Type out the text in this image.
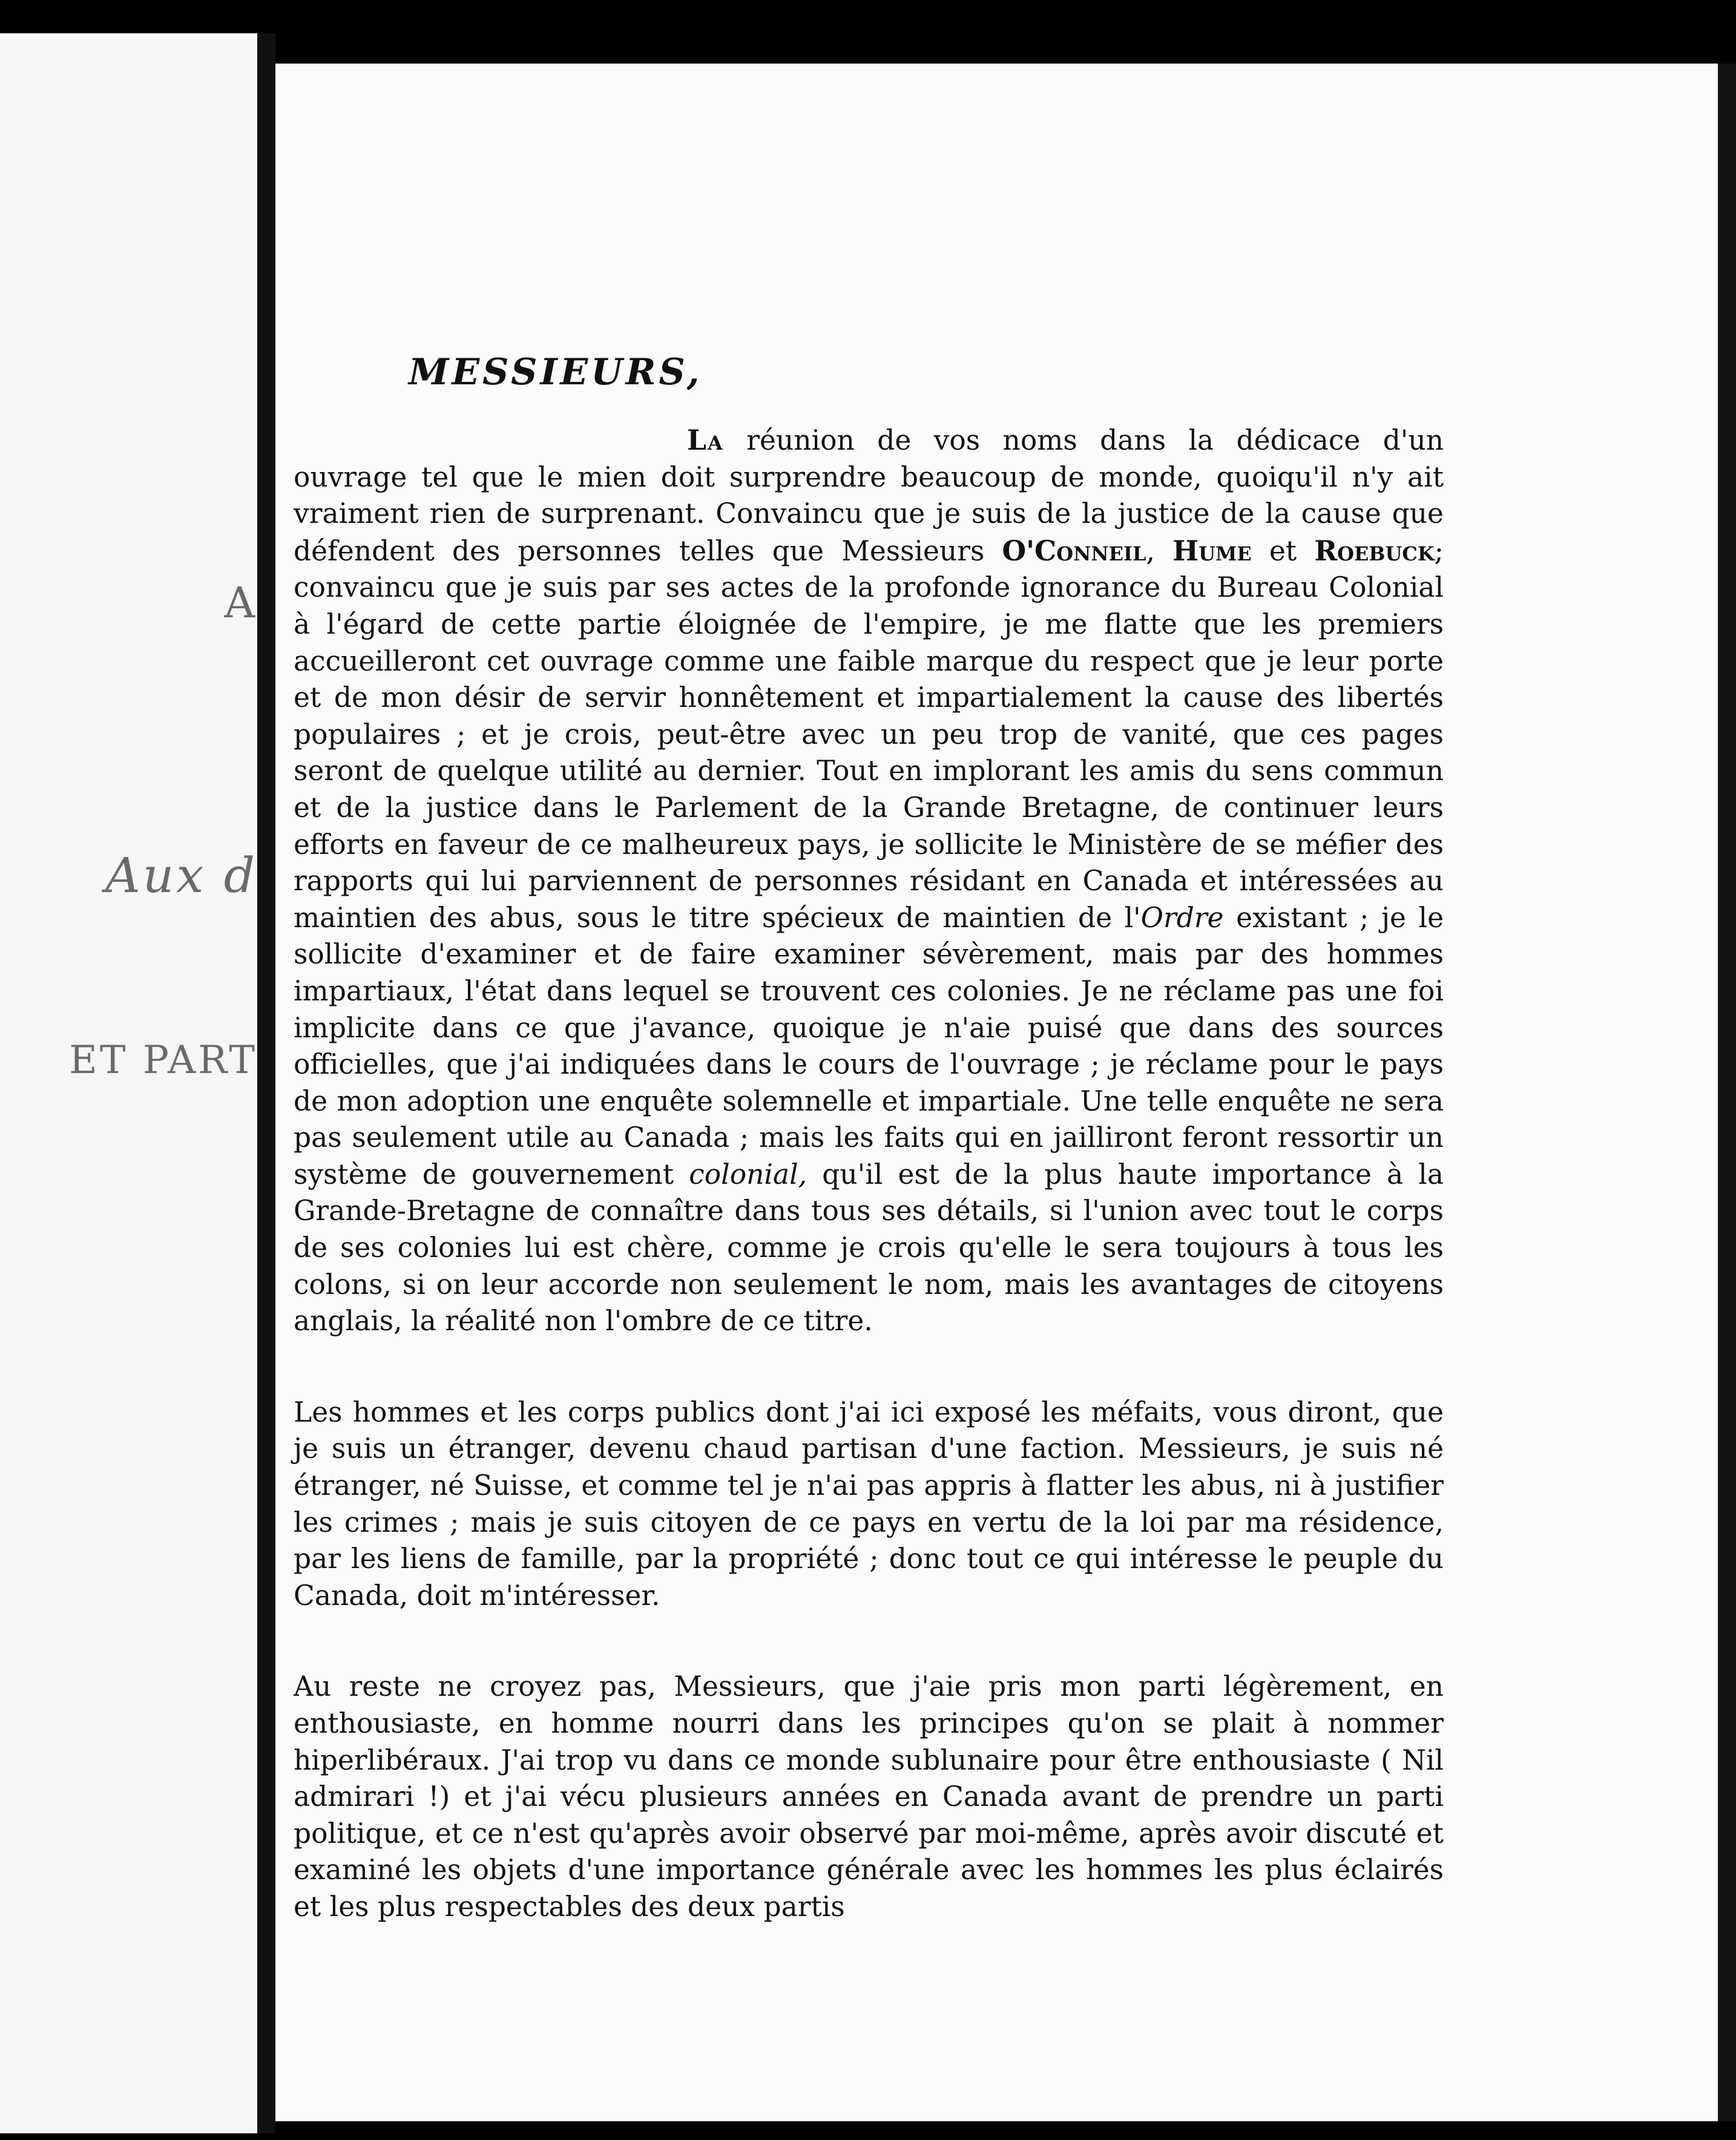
A
Aux d
ET PART
MESSIEURS,

La réunion de vos noms dans la dédicace d'un ouvrage tel que le mien doit surprendre beaucoup de monde, quoiqu'il n'y ait vraiment rien de surprenant. Convaincu que je suis de la justice de la cause que défendent des personnes telles que Messieurs O'Conneil, Hume et Roebuck; convaincu que je suis par ses actes de la profonde ignorance du Bureau Colonial à l'égard de cette partie éloignée de l'empire, je me flatte que les premiers accueilleront cet ouvrage comme une faible marque du respect que je leur porte et de mon désir de servir honnêtement et impartialement la cause des libertés populaires ; et je crois, peut-être avec un peu trop de vanité, que ces pages seront de quelque utilité au dernier. Tout en implorant les amis du sens commun et de la justice dans le Parlement de la Grande Bretagne, de continuer leurs efforts en faveur de ce malheureux pays, je sollicite le Ministère de se méfier des rapports qui lui parviennent de personnes résidant en Canada et intéressées au maintien des abus, sous le titre spécieux de maintien de l'Ordre existant ; je le sollicite d'examiner et de faire examiner sévèrement, mais par des hommes impartiaux, l'état dans lequel se trouvent ces colonies. Je ne réclame pas une foi implicite dans ce que j'avance, quoique je n'aie puisé que dans des sources officielles, que j'ai indiquées dans le cours de l'ouvrage ; je réclame pour le pays de mon adoption une enquête solemnelle et impartiale. Une telle enquête ne sera pas seulement utile au Canada ; mais les faits qui en jailliront feront ressortir un système de gouvernement colonial, qu'il est de la plus haute importance à la Grande-Bretagne de connaître dans tous ses détails, si l'union avec tout le corps de ses colonies lui est chère, comme je crois qu'elle le sera toujours à tous les colons, si on leur accorde non seulement le nom, mais les avantages de citoyens anglais, la réalité non l'ombre de ce titre.

Les hommes et les corps publics dont j'ai ici exposé les méfaits, vous diront, que je suis un étranger, devenu chaud partisan d'une faction. Messieurs, je suis né étranger, né Suisse, et comme tel je n'ai pas appris à flatter les abus, ni à justifier les crimes ; mais je suis citoyen de ce pays en vertu de la loi par ma résidence, par les liens de famille, par la propriété ; donc tout ce qui intéresse le peuple du Canada, doit m'intéresser.

Au reste ne croyez pas, Messieurs, que j'aie pris mon parti légèrement, en enthousiaste, en homme nourri dans les principes qu'on se plait à nommer hiperlibéraux. J'ai trop vu dans ce monde sublunaire pour être enthousiaste ( Nil admirari !) et j'ai vécu plusieurs années en Canada avant de prendre un parti politique, et ce n'est qu'après avoir observé par moi-même, après avoir discuté et examiné les objets d'une importance générale avec les hommes les plus éclairés et les plus respectables des deux partis
